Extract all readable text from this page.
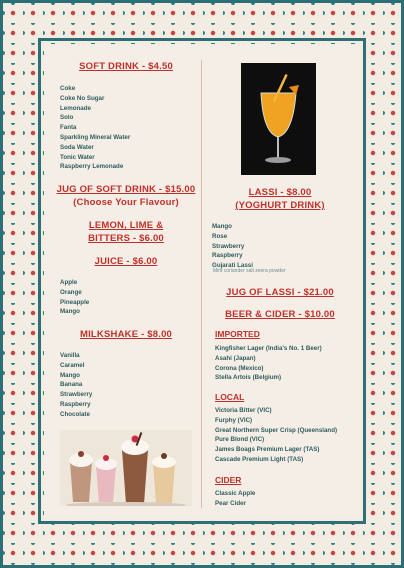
SOFT DRINK - $4.50
Coke
Coke No Sugar
Lemonade
Solo
Fanta
Sparkling Mineral Water
Soda Water
Tonic Water
Raspberry Lemonade
JUG OF SOFT DRINK - $15.00
(Choose Your Flavour)
LEMON, LIME &
BITTERS - $6.00
JUICE - $6.00
Apple
Orange
Pineapple
Mango
MILKSHAKE - $8.00
Vanilla
Caramel
Mango
Banana
Strawberry
Raspberry
Chocolate
LASSI - $8.00
(YOGHURT DRINK)
Mango
Rose
Strawberry
Raspberry
Gujarati Lassi
Mint coriander salt zeera powder
JUG OF LASSI - $21.00
BEER & CIDER - $10.00
IMPORTED
Kingfisher Lager (India's No. 1 Beer)
Asahi (Japan)
Corona (Mexico)
Stella Artois (Belgium)
LOCAL
Victoria Bitter (VIC)
Furphy (VIC)
Great Northern Super Crisp (Queensland)
Pure Blond (VIC)
James Boags Premium Lager (TAS)
Cascade Premium Light (TAS)
CIDER
Classic Apple
Pear Cider
